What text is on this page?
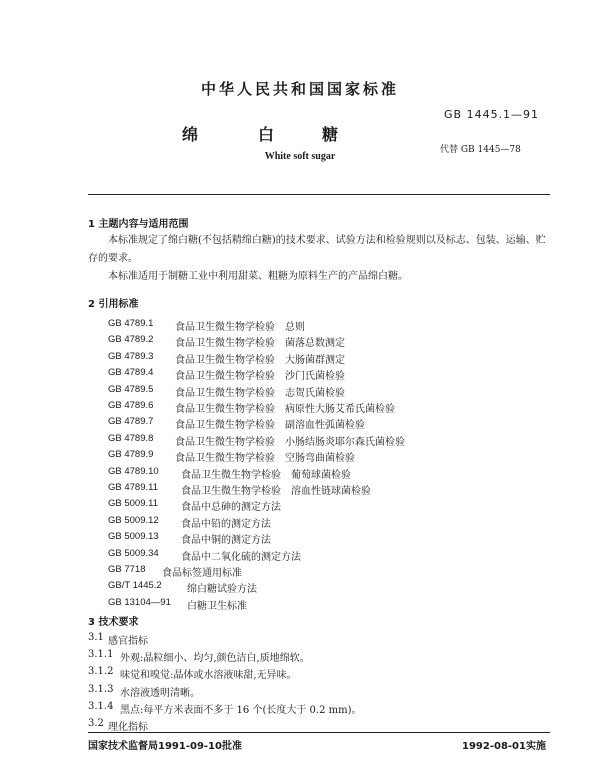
中华人民共和国国家标准
GB 1445.1—91
绵	白	糖
代替 GB 1445—78
White soft sugar
1 主题内容与适用范围
本标准规定了绵白糖(不包括精绵白糖)的技术要求、试验方法和检验规则以及标志、包装、运输、贮
存的要求。
本标准适用于制糖工业中利用甜菜、粗糖为原料生产的产品绵白糖。
2 引用标准
GB 4789.1 食品卫生微生物学检验　总则
GB 4789.2 食品卫生微生物学检验　菌落总数测定
GB 4789.3 食品卫生微生物学检验　大肠菌群测定
GB 4789.4 食品卫生微生物学检验　沙门氏菌检验
GB 4789.5 食品卫生微生物学检验　志贺氏菌检验
GB 4789.6 食品卫生微生物学检验　病原性大肠艾希氏菌检验
GB 4789.7 食品卫生微生物学检验　副溶血性弧菌检验
GB 4789.8 食品卫生微生物学检验　小肠结肠炎耶尔森氏菌检验
GB 4789.9 食品卫生微生物学检验　空肠弯曲菌检验
GB 4789.10 食品卫生微生物学检验　葡萄球菌检验
GB 4789.11 食品卫生微生物学检验　溶血性链球菌检验
GB 5009.11 食品中总砷的测定方法
GB 5009.12 食品中铅的测定方法
GB 5009.13 食品中铜的测定方法
GB 5009.34 食品中二氧化硫的测定方法
GB 7718 食品标签通用标准
GB/T 1445.2	绵白糖试验方法
GB 13104—91 白糖卫生标准
3 技术要求
3.1 感官指标
3.1.1 外观:晶粒细小、均匀,颜色洁白,质地绵软。
3.1.2 味觉和嗅觉:晶体或水溶液味甜,无异味。
3.1.3 水溶液透明清晰。
3.1.4 黑点:每平方米表面不多于 16 个(长度大于 0.2 mm)。
3.2 理化指标
国家技术监督局1991-09-10批准	1992-08-01实施
